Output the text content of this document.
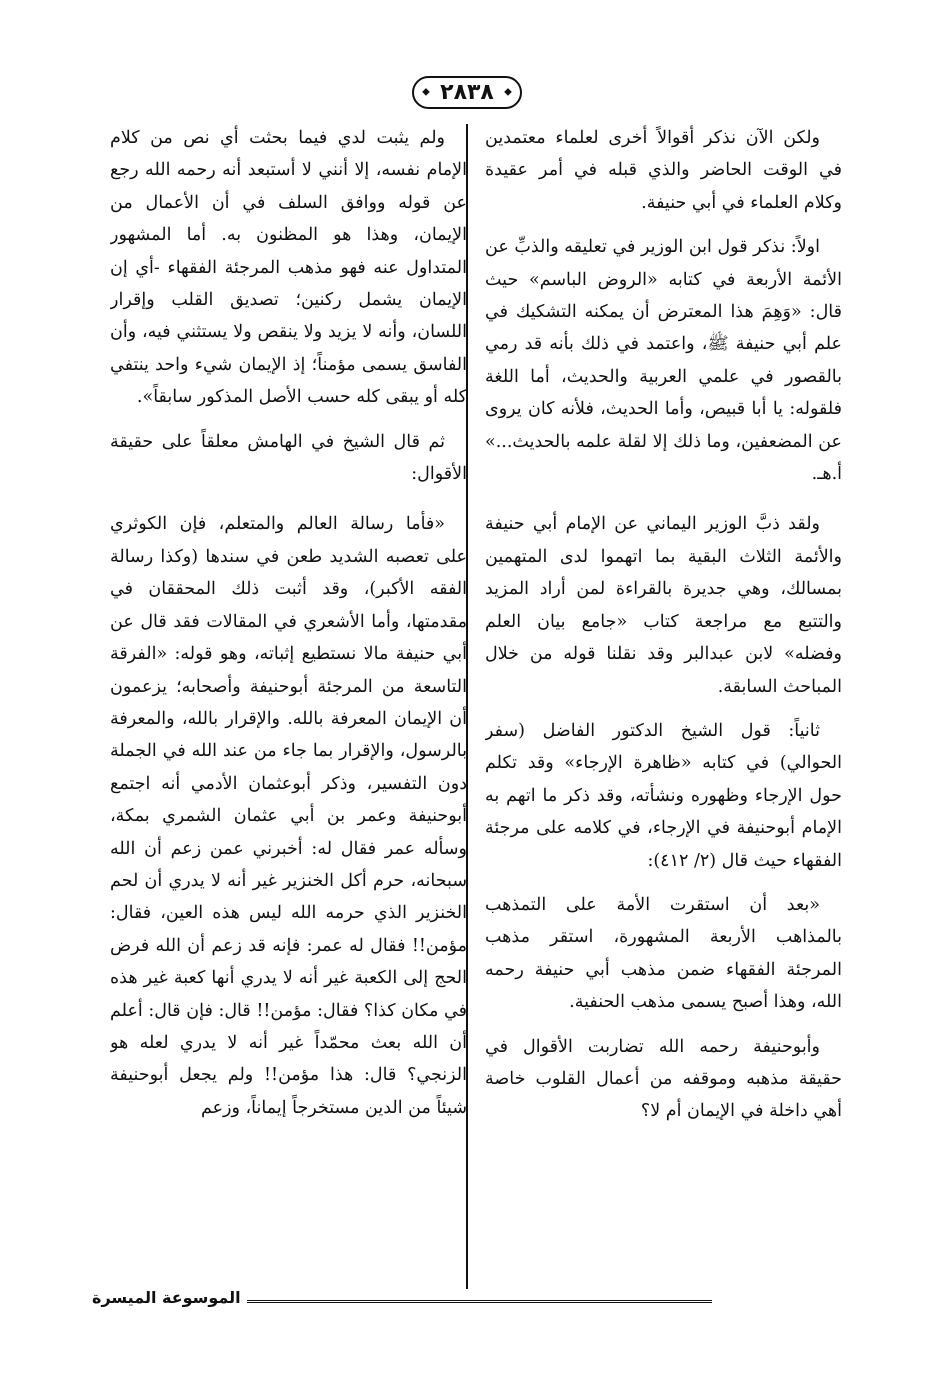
◆ ٢٨٣٨ ◆

ولكن الآن نذكر أقوالاً أخرى لعلماء معتمدين في الوقت الحاضر والذي قبله في أمر عقيدة وكلام العلماء في أبي حنيفة.

اولاً: نذكر قول ابن الوزير في تعليقه والذبِّ عن الأئمة الأربعة في كتابه «الروض الباسم» حيث قال: «وَهِمَ هذا المعترض أن يمكنه التشكيك في علم أبي حنيفة ﷺ، واعتمد في ذلك بأنه قد رمي بالقصور في علمي العربية والحديث، أما اللغة فلقوله: يا أبا قبيص، وأما الحديث، فلأنه كان يروى عن المضعفين، وما ذلك إلا لقلة علمه بالحديث...» أ.هـ.

ولقد ذبَّ الوزير اليماني عن الإمام أبي حنيفة والأئمة الثلاث البقية بما اتهموا لدى المتهمين بمسالك، وهي جديرة بالقراءة لمن أراد المزيد والتتبع مع مراجعة كتاب «جامع بيان العلم وفضله» لابن عبدالبر وقد نقلنا قوله من خلال المباحث السابقة.

ثانياً: قول الشيخ الدكتور الفاضل (سفر الحوالي) في كتابه «ظاهرة الإرجاء» وقد تكلم حول الإرجاء وظهوره ونشأته، وقد ذكر ما اتهم به الإمام أبوحنيفة في الإرجاء، في كلامه على مرجئة الفقهاء حيث قال (٢/ ٤١٢):

«بعد أن استقرت الأمة على التمذهب بالمذاهب الأربعة المشهورة، استقر مذهب المرجئة الفقهاء ضمن مذهب أبي حنيفة رحمه الله، وهذا أصبح يسمى مذهب الحنفية.

وأبوحنيفة رحمه الله تضاربت الأقوال في حقيقة مذهبه وموقفه من أعمال القلوب خاصة أهي داخلة في الإيمان أم لا؟

ولم يثبت لدي فيما بحثت أي نص من كلام الإمام نفسه، إلا أنني لا أستبعد أنه رحمه الله رجع عن قوله ووافق السلف في أن الأعمال من الإيمان، وهذا هو المظنون به. أما المشهور المتداول عنه فهو مذهب المرجئة الفقهاء -أي إن الإيمان يشمل ركنين؛ تصديق القلب وإقرار اللسان، وأنه لا يزيد ولا ينقص ولا يستثني فيه، وأن الفاسق يسمى مؤمناً؛ إذ الإيمان شيء واحد ينتفي كله أو يبقى كله حسب الأصل المذكور سابقاً».

ثم قال الشيخ في الهامش معلقاً على حقيقة الأقوال:

«فأما رسالة العالم والمتعلم، فإن الكوثري على تعصبه الشديد طعن في سندها (وكذا رسالة الفقه الأكبر)، وقد أثبت ذلك المحققان في مقدمتها، وأما الأشعري في المقالات فقد قال عن أبي حنيفة مالا نستطيع إثباته، وهو قوله: «الفرقة التاسعة من المرجئة أبوحنيفة وأصحابه؛ يزعمون أن الإيمان المعرفة بالله. والإقرار بالله، والمعرفة بالرسول، والإقرار بما جاء من عند الله في الجملة دون التفسير، وذكر أبوعثمان الأدمي أنه اجتمع أبوحنيفة وعمر بن أبي عثمان الشمري بمكة، وسأله عمر فقال له: أخبرني عمن زعم أن الله سبحانه، حرم أكل الخنزير غير أنه لا يدري أن لحم الخنزير الذي حرمه الله ليس هذه العين، فقال: مؤمن!! فقال له عمر: فإنه قد زعم أن الله فرض الحج إلى الكعبة غير أنه لا يدري أنها كعبة غير هذه في مكان كذا؟ فقال: مؤمن!! قال: فإن قال: أعلم أن الله بعث محمّداً غير أنه لا يدري لعله هو الزنجي؟ قال: هذا مؤمن!! ولم يجعل أبوحنيفة شيئاً من الدين مستخرجاً إيماناً، وزعم

الموسوعة الميسرة
